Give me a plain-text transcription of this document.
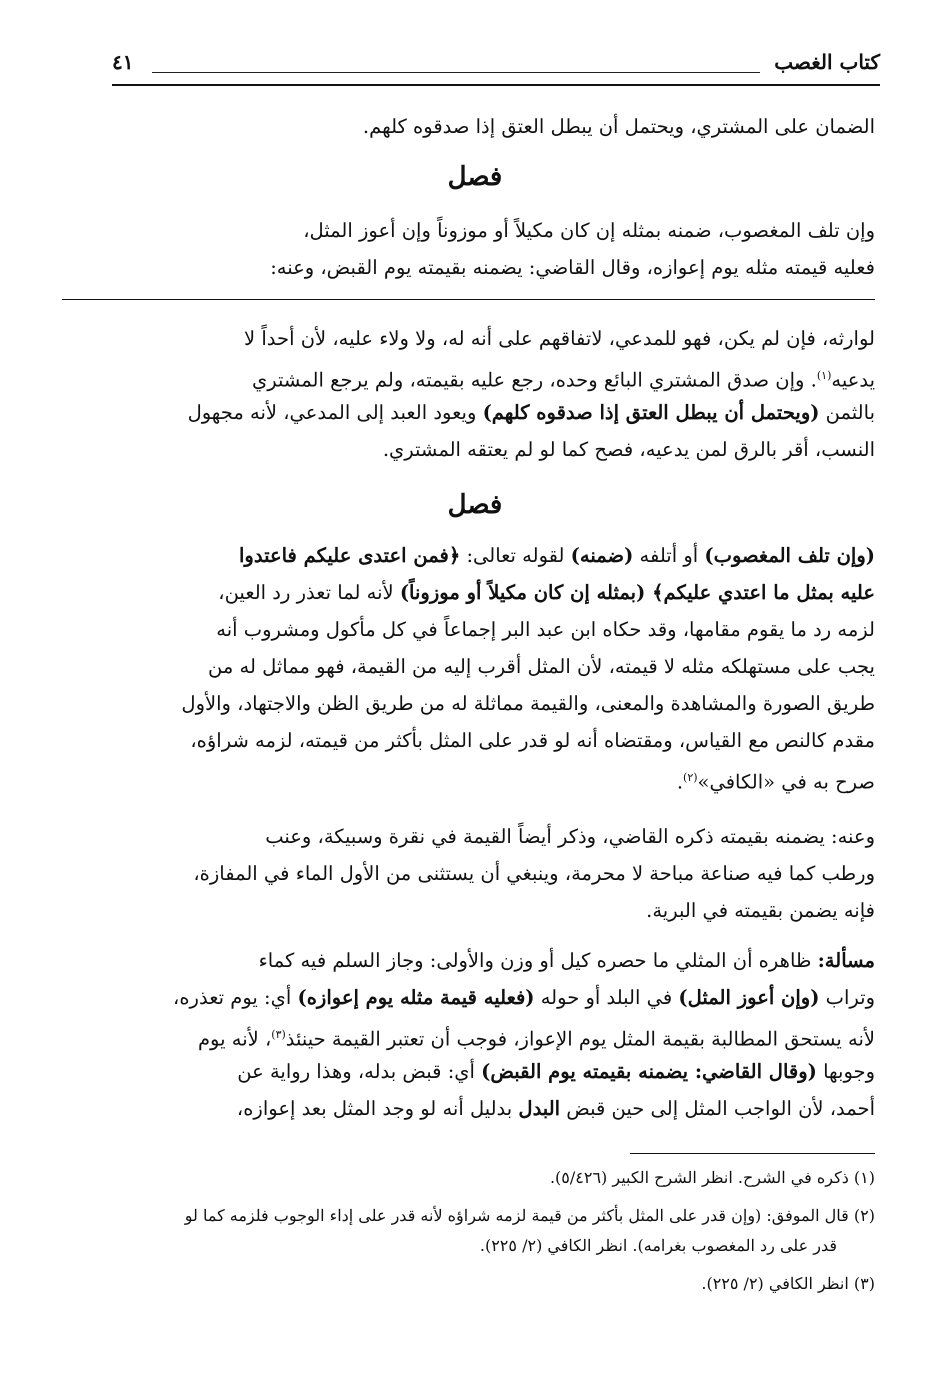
كتاب الغصب
٤١
الضمان على المشتري، ويحتمل أن يبطل العتق إذا صدقوه كلهم.
فصل
وإن تلف المغصوب، ضمنه بمثله إن كان مكيلاً أو موزوناً وإن أعوز المثل،
فعليه قيمته مثله يوم إعوازه، وقال القاضي: يضمنه بقيمته يوم القبض، وعنه:
لوارثه، فإن لم يكن، فهو للمدعي، لاتفاقهم على أنه له، ولا ولاء عليه، لأن أحداً لا
يدعيه$^{(١)}$. وإن صدق المشتري البائع وحده، رجع عليه بقيمته، ولم يرجع المشتري
بالثمن (ويحتمل أن يبطل العتق إذا صدقوه كلهم) ويعود العبد إلى المدعي، لأنه مجهول
النسب، أقر بالرق لمن يدعيه، فصح كما لو لم يعتقه المشتري.
فصل
(وإن تلف المغصوب) أو أتلفه (ضمنه) لقوله تعالى: ﴿فمن اعتدى عليكم فاعتدوا
عليه بمثل ما اعتدي عليكم﴾ (بمثله إن كان مكيلاً أو موزوناً) لأنه لما تعذر رد العين،
لزمه رد ما يقوم مقامها، وقد حكاه ابن عبد البر إجماعاً في كل مأكول ومشروب أنه
يجب على مستهلكه مثله لا قيمته، لأن المثل أقرب إليه من القيمة، فهو مماثل له من
طريق الصورة والمشاهدة والمعنى، والقيمة مماثلة له من طريق الظن والاجتهاد، والأول
مقدم كالنص مع القياس، ومقتضاه أنه لو قدر على المثل بأكثر من قيمته، لزمه شراؤه،
صرح به في «الكافي»$^{(٢)}$.
وعنه: يضمنه بقيمته ذكره القاضي، وذكر أيضاً القيمة في نقرة وسبيكة، وعنب
ورطب كما فيه صناعة مباحة لا محرمة، وينبغي أن يستثنى من الأول الماء في المفازة،
فإنه يضمن بقيمته في البرية.
مسألة: ظاهره أن المثلي ما حصره كيل أو وزن والأولى: وجاز السلم فيه كماء
وتراب (وإن أعوز المثل) في البلد أو حوله (فعليه قيمة مثله يوم إعوازه) أي: يوم تعذره،
لأنه يستحق المطالبة بقيمة المثل يوم الإعواز، فوجب أن تعتبر القيمة حينئذ$^{(٣)}$، لأنه يوم
وجوبها (وقال القاضي: يضمنه بقيمته يوم القبض) أي: قبض بدله، وهذا رواية عن
أحمد، لأن الواجب المثل إلى حين قبض البدل بدليل أنه لو وجد المثل بعد إعوازه،
(١) ذكره في الشرح. انظر الشرح الكبير (٥/٤٢٦).
(٢) قال الموفق: (وإن قدر على المثل بأكثر من قيمة لزمه شراؤه لأنه قدر على إداء الوجوب فلزمه كما لو
قدر على رد المغصوب بغرامه). انظر الكافي (٢/ ٢٢٥).
(٣) انظر الكافي (٢/ ٢٢٥).
